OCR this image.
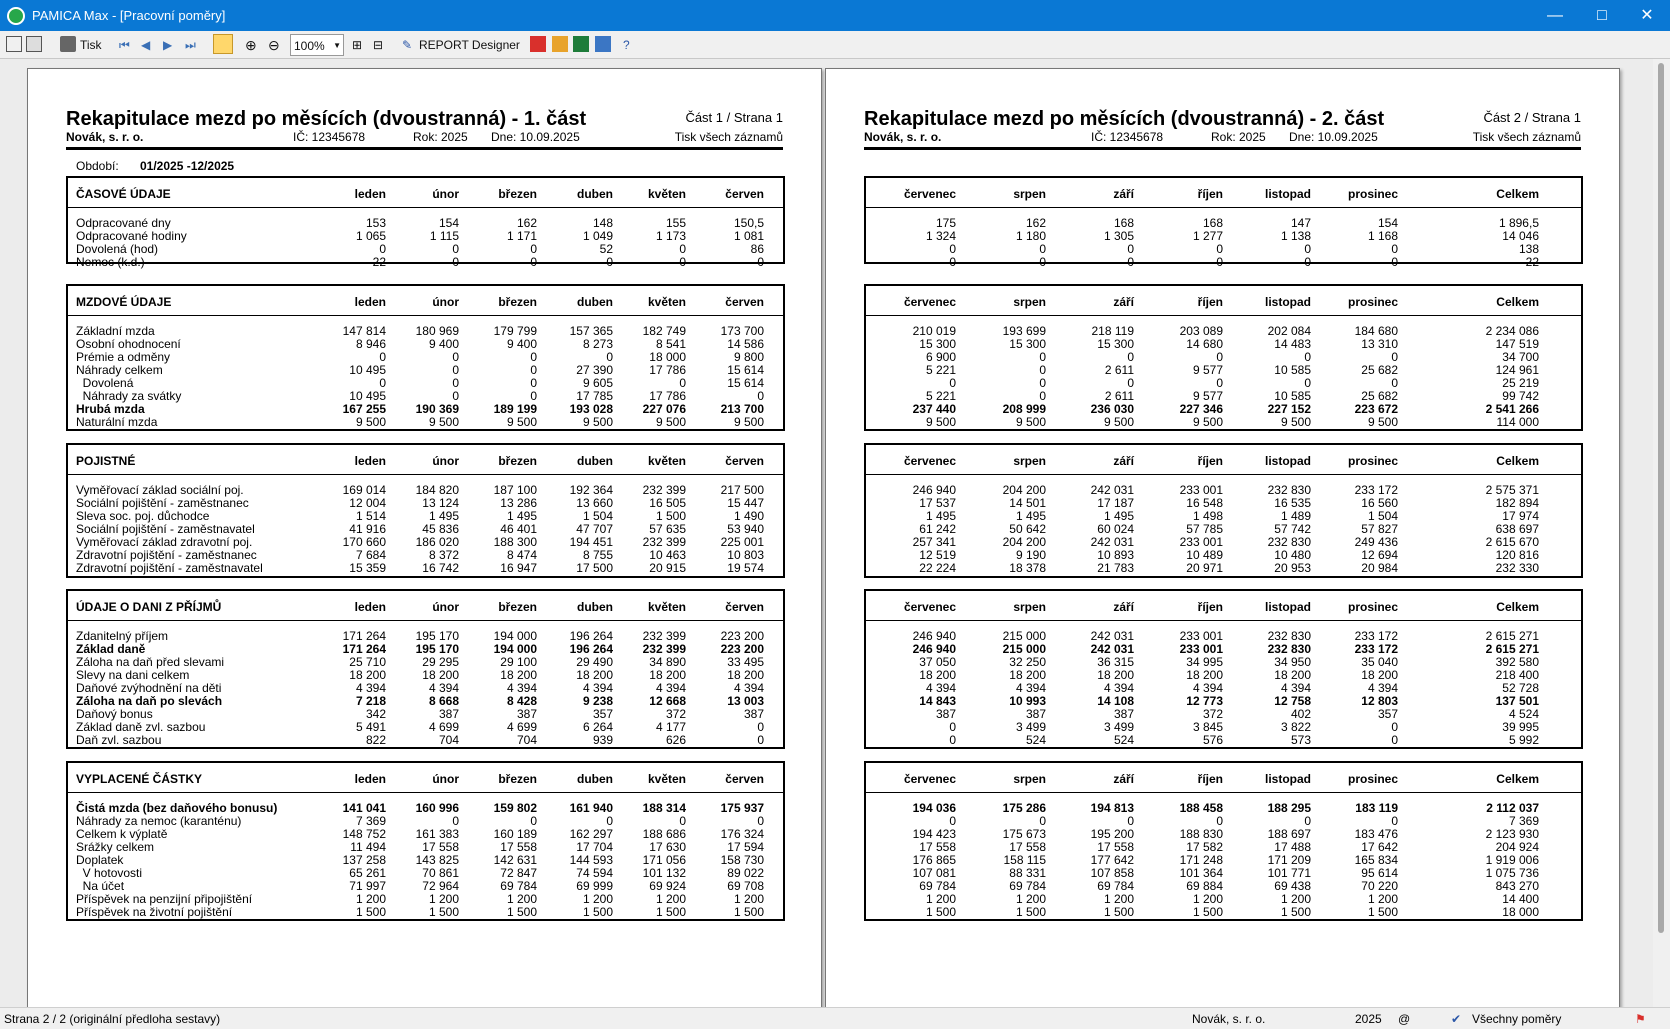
PAMICA Max - [Pracovní poměry]	—	□	✕
Tisk ⏮ ◀ ▶ ⏭	⊕ ⊖	100% ▼ ⊞ ⊟ ✎ REPORT Designer	?
Rekapitulace mezd po měsících (dvoustranná) - 1. část	Část 1 / Strana 1
Novák, s. r. o.	IČ: 12345678	Rok: 2025 Dne: 10.09.2025	Tisk všech záznamů
Období: 01/2025 -12/2025
ČASOVÉ ÚDAJE	leden	únor	březen	duben	květen	červen
Odpracované dny	153	154	162	148	155	150,5
Odpracované hodiny	1 065	1 115	1 171	1 049	1 173	1 081
Dovolená (hod)	0	0	0	52	0	86
Nemoc (k.d.)	22	0	0	0	0	0
MZDOVÉ ÚDAJE	leden	únor	březen	duben	květen	červen
Základní mzda	147 814	180 969	179 799	157 365	182 749	173 700
Osobní ohodnocení	8 946	9 400	9 400	8 273	8 541	14 586
Prémie a odměny	0	0	0	0	18 000	9 800
Náhrady celkem	10 495	0	0	27 390	17 786	15 614
Dovolená	0	0	0	9 605	0	15 614
Náhrady za svátky	10 495	0	0	17 785	17 786	0
Hrubá mzda	167 255	190 369	189 199	193 028	227 076	213 700
Naturální mzda	9 500	9 500	9 500	9 500	9 500	9 500
POJISTNÉ	leden	únor	březen	duben	květen	červen
Vyměřovací základ sociální poj.	169 014	184 820	187 100	192 364	232 399	217 500
Sociální pojištění - zaměstnanec	12 004	13 124	13 286	13 660	16 505	15 447
Sleva soc. poj. důchodce	1 514	1 495	1 495	1 504	1 500	1 490
Sociální pojištění - zaměstnavatel	41 916	45 836	46 401	47 707	57 635	53 940
Vyměřovací základ zdravotní poj.	170 660	186 020	188 300	194 451	232 399	225 001
Zdravotní pojištění - zaměstnanec	7 684	8 372	8 474	8 755	10 463	10 803
Zdravotní pojištění - zaměstnavatel	15 359	16 742	16 947	17 500	20 915	19 574
ÚDAJE O DANI Z PŘÍJMŮ	leden	únor	březen	duben	květen	červen
Zdanitelný příjem	171 264	195 170	194 000	196 264	232 399	223 200
Základ daně	171 264	195 170	194 000	196 264	232 399	223 200
Záloha na daň před slevami	25 710	29 295	29 100	29 490	34 890	33 495
Slevy na dani celkem	18 200	18 200	18 200	18 200	18 200	18 200
Daňové zvýhodnění na děti	4 394	4 394	4 394	4 394	4 394	4 394
Záloha na daň po slevách	7 218	8 668	8 428	9 238	12 668	13 003
Daňový bonus	342	387	387	357	372	387
Základ daně zvl. sazbou	5 491	4 699	4 699	6 264	4 177	0
Daň zvl. sazbou	822	704	704	939	626	0
VYPLACENÉ ČÁSTKY	leden	únor	březen	duben	květen	červen
Čistá mzda (bez daňového bonusu)	141 041	160 996	159 802	161 940	188 314	175 937
Náhrady za nemoc (karanténu)	7 369	0	0	0	0	0
Celkem k výplatě	148 752	161 383	160 189	162 297	188 686	176 324
Srážky celkem	11 494	17 558	17 558	17 704	17 630	17 594
Doplatek	137 258	143 825	142 631	144 593	171 056	158 730
V hotovosti	65 261	70 861	72 847	74 594	101 132	89 022
Na účet	71 997	72 964	69 784	69 999	69 924	69 708
Příspěvek na penzijní připojištění	1 200	1 200	1 200	1 200	1 200	1 200
Příspěvek na životní pojištění	1 500	1 500	1 500	1 500	1 500	1 500
Rekapitulace mezd po měsících (dvoustranná) - 2. část	Část 2 / Strana 1
Novák, s. r. o.	IČ: 12345678	Rok: 2025 Dne: 10.09.2025	Tisk všech záznamů
červenec	srpen	září	říjen	listopad	prosinec	Celkem
175	162	168	168	147	154	1 896,5
1 324	1 180	1 305	1 277	1 138	1 168	14 046
0	0	0	0	0	0	138
0	0	0	0	0	0	22
červenec	srpen	září	říjen	listopad	prosinec	Celkem
210 019	193 699	218 119	203 089	202 084	184 680	2 234 086
15 300	15 300	15 300	14 680	14 483	13 310	147 519
6 900	0	0	0	0	0	34 700
5 221	0	2 611	9 577	10 585	25 682	124 961
0	0	0	0	0	0	25 219
5 221	0	2 611	9 577	10 585	25 682	99 742
237 440	208 999	236 030	227 346	227 152	223 672	2 541 266
9 500	9 500	9 500	9 500	9 500	9 500	114 000
červenec	srpen	září	říjen	listopad	prosinec	Celkem
246 940	204 200	242 031	233 001	232 830	233 172	2 575 371
17 537	14 501	17 187	16 548	16 535	16 560	182 894
1 495	1 495	1 495	1 498	1 489	1 504	17 974
61 242	50 642	60 024	57 785	57 742	57 827	638 697
257 341	204 200	242 031	233 001	232 830	249 436	2 615 670
12 519	9 190	10 893	10 489	10 480	12 694	120 816
22 224	18 378	21 783	20 971	20 953	20 984	232 330
červenec	srpen	září	říjen	listopad	prosinec	Celkem
246 940	215 000	242 031	233 001	232 830	233 172	2 615 271
246 940	215 000	242 031	233 001	232 830	233 172	2 615 271
37 050	32 250	36 315	34 995	34 950	35 040	392 580
18 200	18 200	18 200	18 200	18 200	18 200	218 400
4 394	4 394	4 394	4 394	4 394	4 394	52 728
14 843	10 993	14 108	12 773	12 758	12 803	137 501
387	387	387	372	402	357	4 524
0	3 499	3 499	3 845	3 822	0	39 995
0	524	524	576	573	0	5 992
červenec	srpen	září	říjen	listopad	prosinec	Celkem
194 036	175 286	194 813	188 458	188 295	183 119	2 112 037
0	0	0	0	0	0	7 369
194 423	175 673	195 200	188 830	188 697	183 476	2 123 930
17 558	17 558	17 558	17 582	17 488	17 642	204 924
176 865	158 115	177 642	171 248	171 209	165 834	1 919 006
107 081	88 331	107 858	101 364	101 771	95 614	1 075 736
69 784	69 784	69 784	69 884	69 438	70 220	843 270
1 200	1 200	1 200	1 200	1 200	1 200	14 400
1 500	1 500	1 500	1 500	1 500	1 500	18 000
Strana 2 / 2 (originální předloha sestavy)	Novák, s. r. o.	2025 @	✔ Všechny poměry	⚑
